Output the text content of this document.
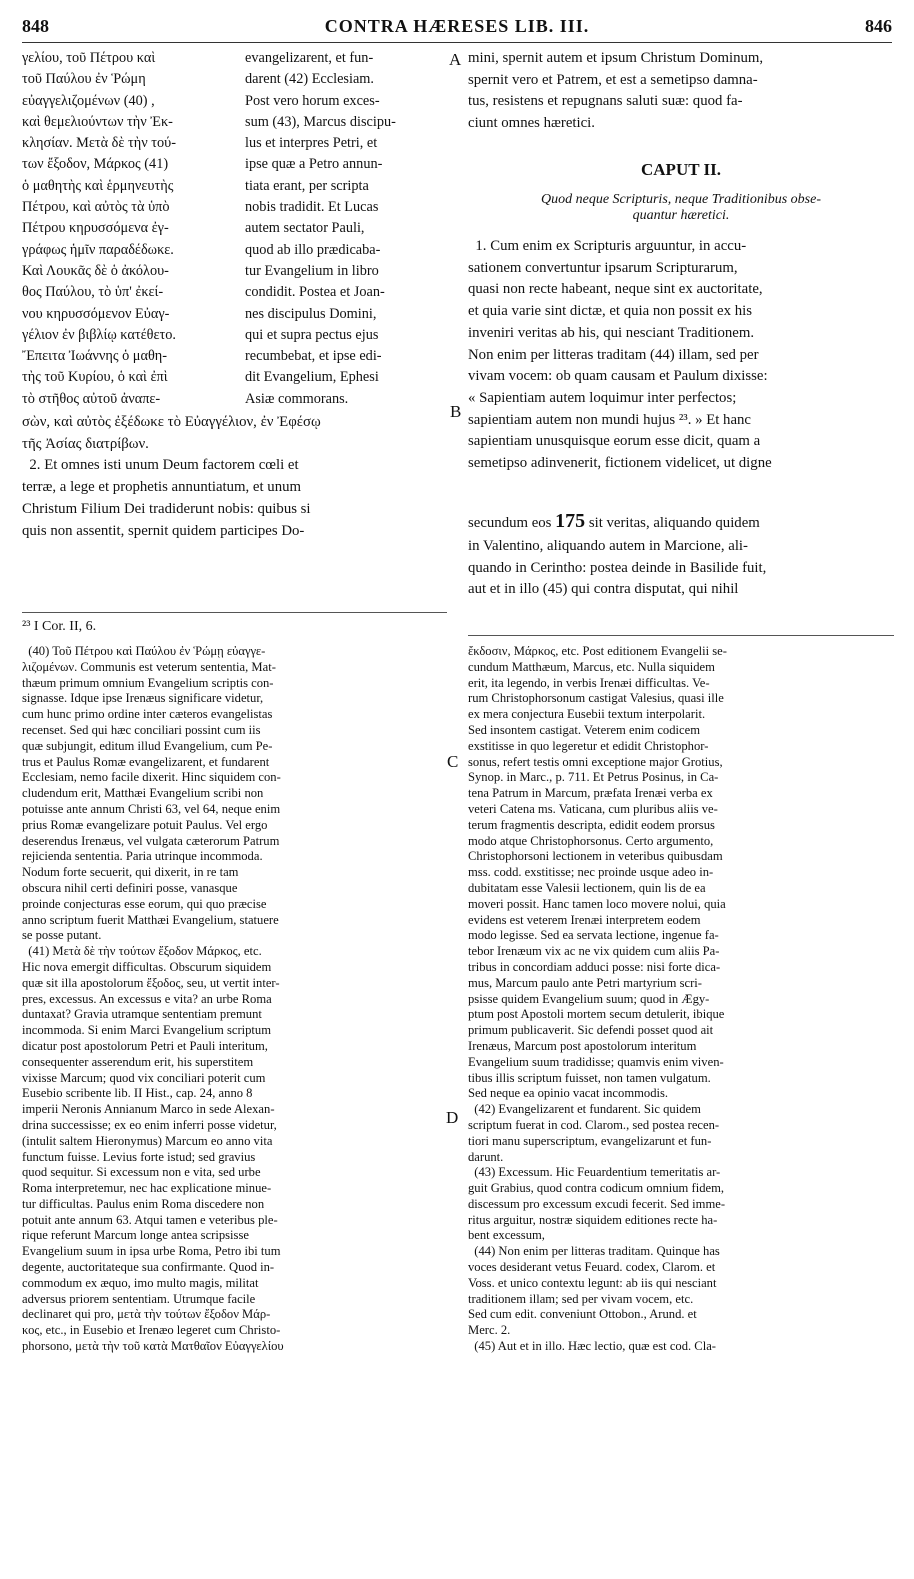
848	CONTRA HÆRESES LIB. III.	846
A
B
C
D
γελίου, τοῦ Πέτρου καὶ
τοῦ Παύλου ἐν Ῥώμη
εὐαγγελιζομένων (40) ,
καὶ θεμελιούντων τὴν Ἐκ-
κλησίαν. Μετὰ δὲ τὴν τού-
των ἔξοδον, Μάρκος (41)
ὁ μαθητὴς καὶ ἑρμηνευτὴς
Πέτρου, καὶ αὐτὸς τὰ ὑπὸ
Πέτρου κηρυσσόμενα ἐγ-
γράφως ἡμῖν παραδέδωκε.
Καὶ Λουκᾶς δὲ ὁ ἀκόλου-
θος Παύλου, τὸ ὑπ' ἐκεί-
νου κηρυσσόμενον Εὐαγ-
γέλιον ἐν βιβλίῳ κατέθετο.
Ἔπειτα Ἰωάννης ὁ μαθη-
τὴς τοῦ Κυρίου, ὁ καὶ ἐπὶ
τὸ στῆθος αὐτοῦ ἀναπε-
evangelizarent, et fun-
darent (42) Ecclesiam.
Post vero horum exces-
sum (43), Marcus discipu-
lus et interpres Petri, et
ipse quæ a Petro annun-
tiata erant, per scripta
nobis tradidit. Et Lucas
autem sectator Pauli,
quod ab illo prædicaba-
tur Evangelium in libro
condidit. Postea et Joan-
nes discipulus Domini,
qui et supra pectus ejus
recumbebat, et ipse edi-
dit Evangelium, Ephesi
Asiæ commorans.
σὼν, καὶ αὐτὸς ἐξέδωκε τὸ Εὐαγγέλιον, ἐν Ἐφέσῳ
τῆς Ἀσίας διατρίβων.
2. Et omnes isti unum Deum factorem cœli et
terræ, a lege et prophetis annuntiatum, et unum
Christum Filium Dei tradiderunt nobis: quibus si
quis non assentit, spernit quidem participes Do-
mini, spernit autem et ipsum Christum Dominum,
spernit vero et Patrem, et est a semetipso damna-
tus, resistens et repugnans saluti suæ: quod fa-
ciunt omnes hæretici.
CAPUT II.
Quod neque Scripturis, neque Traditionibus obse-
quantur hæretici.
1. Cum enim ex Scripturis arguuntur, in accu-
sationem convertuntur ipsarum Scripturarum,
quasi non recte habeant, neque sint ex auctoritate,
et quia varie sint dictæ, et quia non possit ex his
inveniri veritas ab his, qui nesciant Traditionem.
Non enim per litteras traditam (44) illam, sed per
vivam vocem: ob quam causam et Paulum dixisse:
« Sapientiam autem loquimur inter perfectos;
sapientiam autem non mundi hujus ²³. » Et hanc
sapientiam unusquisque eorum esse dicit, quam a
semetipso adinvenerit, fictionem videlicet, ut digne
secundum eos 175 sit veritas, aliquando quidem
in Valentino, aliquando autem in Marcione, ali-
quando in Cerintho: postea deinde in Basilide fuit,
aut et in illo (45) qui contra disputat, qui nihil
²³ I Cor. II, 6.
(40) Τοῦ Πέτρου καὶ Παύλου ἐν Ῥώμῃ εὐαγγε-
λιζομένων. Communis est veterum sententia, Mat-
thæum primum omnium Evangelium scriptis con-
signasse. Idque ipse Irenæus significare videtur,
cum hunc primo ordine inter cæteros evangelistas
recenset. Sed qui hæc conciliari possint cum iis
quæ subjungit, editum illud Evangelium, cum Pe-
trus et Paulus Romæ evangelizarent, et fundarent
Ecclesiam, nemo facile dixerit. Hinc siquidem con-
cludendum erit, Matthæi Evangelium scribi non
potuisse ante annum Christi 63, vel 64, neque enim
prius Romæ evangelizare potuit Paulus. Vel ergo
deserendus Irenæus, vel vulgata cæterorum Patrum
rejicienda sententia. Paria utrinque incommoda.
Nodum forte secuerit, qui dixerit, in re tam
obscura nihil certi definiri posse, vanasque
proinde conjecturas esse eorum, qui quo præcise
anno scriptum fuerit Matthæi Evangelium, statuere
se posse putant.
(41) Μετὰ δὲ τὴν τούτων ἔξοδον Μάρκος, etc.
Hic nova emergit difficultas. Obscurum siquidem
quæ sit illa apostolorum ἔξοδος, seu, ut vertit inter-
pres, excessus. An excessus e vita? an urbe Roma
duntaxat? Gravia utramque sententiam premunt
incommoda. Si enim Marci Evangelium scriptum
dicatur post apostolorum Petri et Pauli interitum,
consequenter asserendum erit, his superstitem
vixisse Marcum; quod vix conciliari poterit cum
Eusebio scribente lib. II Hist., cap. 24, anno 8
imperii Neronis Annianum Marco in sede Alexan-
drina successisse; ex eo enim inferri posse videtur,
(intulit saltem Hieronymus) Marcum eo anno vita
functum fuisse. Levius forte istud; sed gravius
quod sequitur. Si excessum non e vita, sed urbe
Roma interpretemur, nec hac explicatione minue-
tur difficultas. Paulus enim Roma discedere non
potuit ante annum 63. Atqui tamen e veteribus ple-
rique referunt Marcum longe antea scripsisse
Evangelium suum in ipsa urbe Roma, Petro ibi tum
degente, auctoritateque sua confirmante. Quod in-
commodum ex æquo, imo multo magis, militat
adversus priorem sententiam. Utrumque facile
declinaret qui pro, μετὰ τὴν τούτων ἔξοδον Μάρ-
κος, etc., in Eusebio et Irenæo legeret cum Christo-
phorsono, μετὰ τὴν τοῦ κατὰ Ματθαῖον Εὐαγγελίου
ἔκδοσιν, Μάρκος, etc. Post editionem Evangelii se-
cundum Matthæum, Marcus, etc. Nulla siquidem
erit, ita legendo, in verbis Irenæi difficultas. Ve-
rum Christophorsonum castigat Valesius, quasi ille
ex mera conjectura Eusebii textum interpolarit.
Sed insontem castigat. Veterem enim codicem
exstitisse in quo legeretur et edidit Christophor-
sonus, refert testis omni exceptione major Grotius,
Synop. in Marc., p. 711. Et Petrus Posinus, in Ca-
tena Patrum in Marcum, præfata Irenæi verba ex
veteri Catena ms. Vaticana, cum pluribus aliis ve-
terum fragmentis descripta, edidit eodem prorsus
modo atque Christophorsonus. Certo argumento,
Christophorsoni lectionem in veteribus quibusdam
mss. codd. exstitisse; nec proinde usque adeo in-
dubitatam esse Valesii lectionem, quin lis de ea
moveri possit. Hanc tamen loco movere nolui, quia
evidens est veterem Irenæi interpretem eodem
modo legisse. Sed ea servata lectione, ingenue fa-
tebor Irenæum vix ac ne vix quidem cum aliis Pa-
tribus in concordiam adduci posse: nisi forte dica-
mus, Marcum paulo ante Petri martyrium scri-
psisse quidem Evangelium suum; quod in Ægy-
ptum post Apostoli mortem secum detulerit, ibique
primum publicaverit. Sic defendi posset quod ait
Irenæus, Marcum post apostolorum interitum
Evangelium suum tradidisse; quamvis enim viven-
tibus illis scriptum fuisset, non tamen vulgatum.
Sed neque ea opinio vacat incommodis.
(42) Evangelizarent et fundarent. Sic quidem
scriptum fuerat in cod. Clarom., sed postea recen-
tiori manu superscriptum, evangelizarunt et fun-
darunt.
(43) Excessum. Hic Feuardentium temeritatis ar-
guit Grabius, quod contra codicum omnium fidem,
discessum pro excessum excudi fecerit. Sed imme-
ritus arguitur, nostræ siquidem editiones recte ha-
bent excessum,
(44) Non enim per litteras traditam. Quinque has
voces desiderant vetus Feuard. codex, Clarom. et
Voss. et unico contextu legunt: ab iis qui nesciant
traditionem illam; sed per vivam vocem, etc.
Sed cum edit. conveniunt Ottobon., Arund. et
Merc. 2.
(45) Aut et in illo. Hæc lectio, quæ est cod. Cla-
